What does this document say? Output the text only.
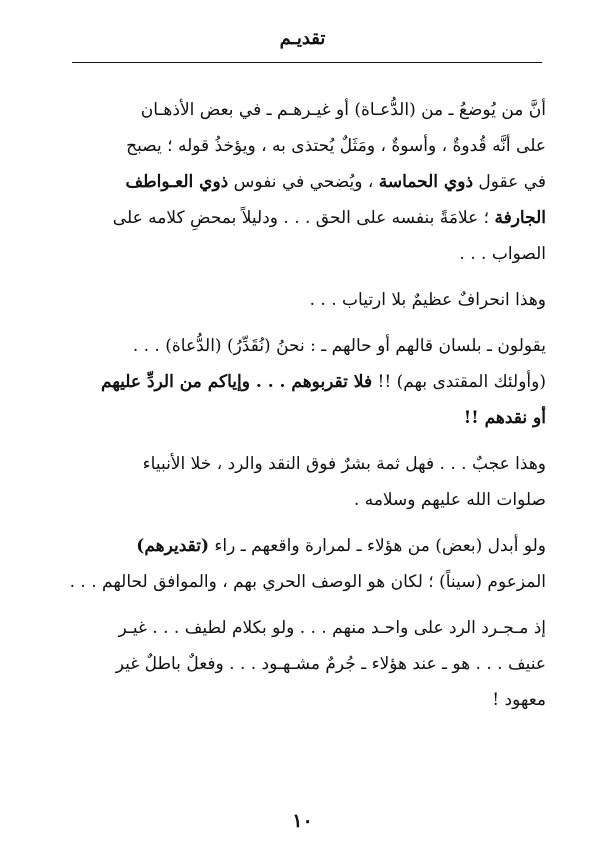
تقديـم
أنَّ من يُوضعُ ـ من (الدُّعـاة) أو غيـرهـم ـ في بعض الأذهـان
على أنَّه قُدوةٌ ، وأسوةٌ ، ومَثَلٌ يُحتذى به ، ويؤخذُ قوله ؛ يصبح
في عقول ذوي الحماسة ، ويُضحي في نفوس ذوي العـواطف
الجارفة ؛ علامَةً بنفسه على الحق . . . ودليلاً بمحضِ كلامه على
الصواب . . .
وهذا انحرافٌ عظيمٌ بلا ارتياب . . .
يقولون ـ بلسان قالهم أو حالهم ـ : نحنُ (نُقَدِّرُ) (الدُّعاة) . . .
(وأولئك المقتدى بهم) !! فلا تقربوهم . . . وإياكم من الردِّ عليهم
أو نقدهم !!
وهذا عجبٌ . . . فهل ثمة بشرٌ فوق النقد والرد ، خلا الأنبياء
صلوات الله عليهم وسلامه .
ولو أبدل (بعض) من هؤلاء ـ لمرارة واقعهم ـ راء (تقديرهم)
المزعوم (سيناً) ؛ لكان هو الوصف الحري بهم ، والموافق لحالهم . . .
إذ مـجـرد الرد على واحـد منهم . . . ولو بكلام لطيف . . . غيـر
عنيف . . . هو ـ عند هؤلاء ـ جُرمٌ مشـهـود . . . وفعلٌ باطلٌ غير
معهود !
١٠
